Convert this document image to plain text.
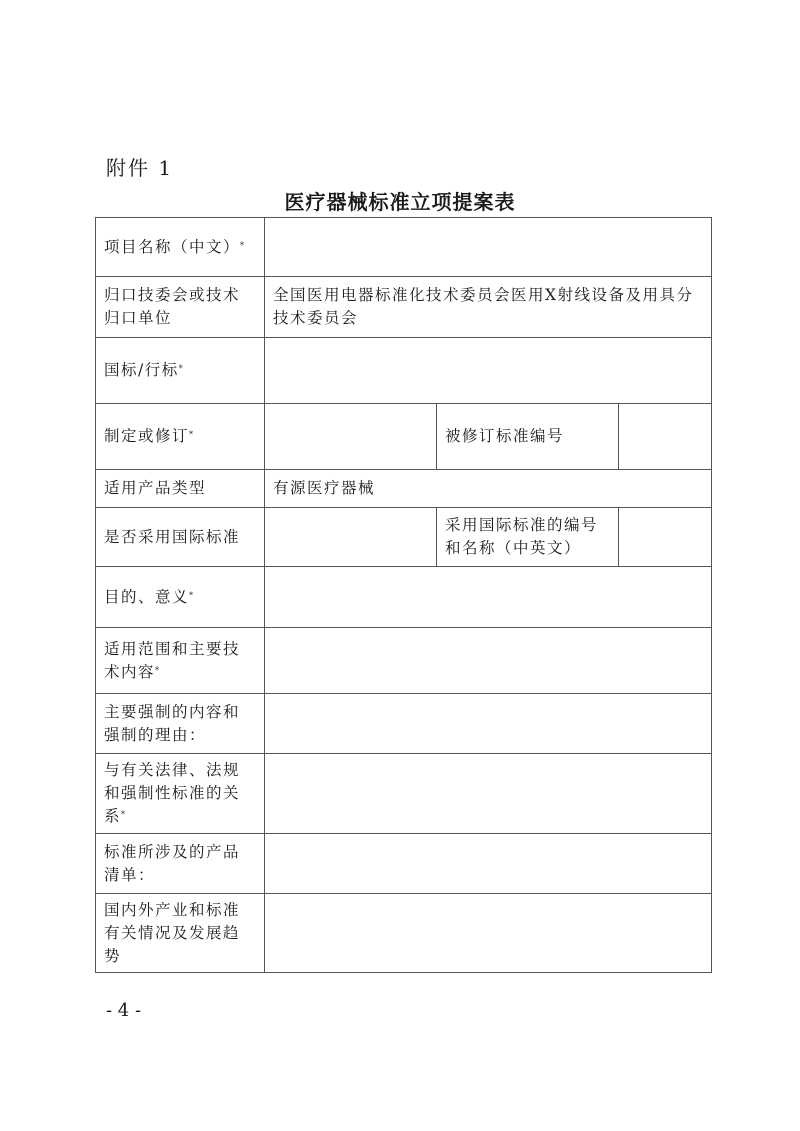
附件 1
医疗器械标准立项提案表
项目名称（中文）*
归口技委会或技术归口单位
全国医用电器标准化技术委员会医用X射线设备及用具分技术委员会
国标/行标*
制定或修订*	被修订标准编号
适用产品类型	有源医疗器械
是否采用国际标准
采用国际标准的编号和名称（中英文）
目的、意义*
适用范围和主要技术内容*
主要强制的内容和强制的理由：
与有关法律、法规和强制性标准的关系*
标准所涉及的产品清单：
国内外产业和标准有关情况及发展趋势
- 4 -
